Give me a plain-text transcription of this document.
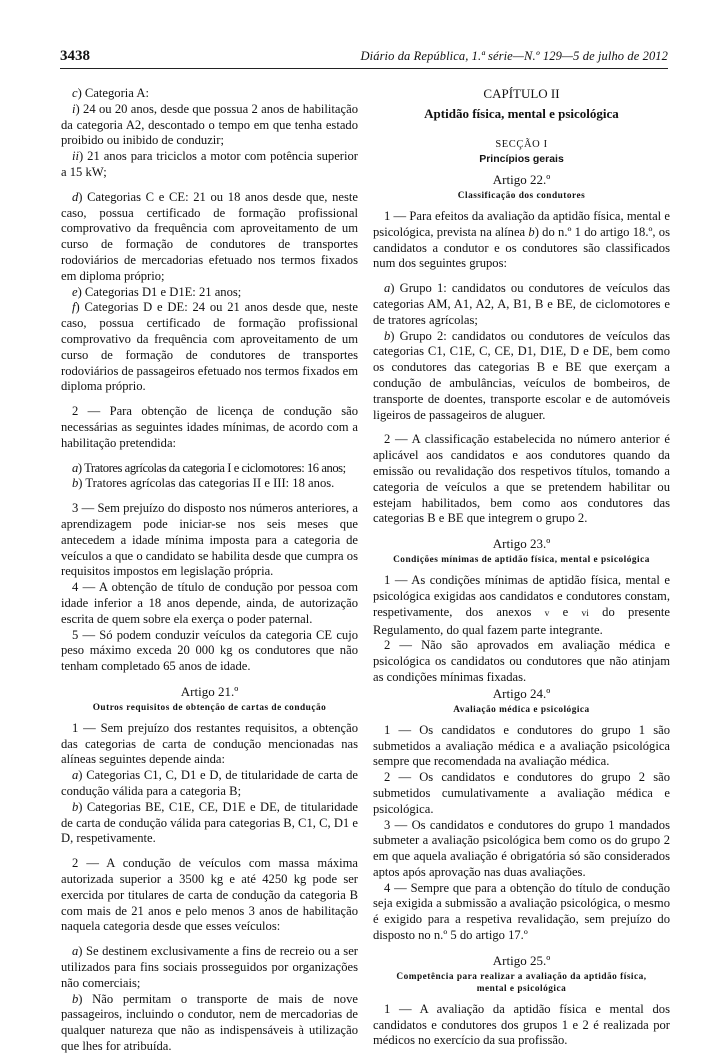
3438	Diário da República, 1.ª série—N.º 129—5 de julho de 2012

c) Categoria A:

i) 24 ou 20 anos, desde que possua 2 anos de habilitação da categoria A2, descontado o tempo em que tenha estado proibido ou inibido de conduzir;

ii) 21 anos para triciclos a motor com potência superior a 15 kW;

d) Categorias C e CE: 21 ou 18 anos desde que, neste caso, possua certificado de formação profissional comprovativo da frequência com aproveitamento de um curso de formação de condutores de transportes rodoviários de mercadorias efetuado nos termos fixados em diploma próprio;

e) Categorias D1 e D1E: 21 anos;

f) Categorias D e DE: 24 ou 21 anos desde que, neste caso, possua certificado de formação profissional comprovativo da frequência com aproveitamento de um curso de formação de condutores de transportes rodoviários de passageiros efetuado nos termos fixados em diploma próprio.

2 — Para obtenção de licença de condução são necessárias as seguintes idades mínimas, de acordo com a habilitação pretendida:

a) Tratores agrícolas da categoria I e ciclomotores: 16 anos;

b) Tratores agrícolas das categorias II e III: 18 anos.

3 — Sem prejuízo do disposto nos números anteriores, a aprendizagem pode iniciar-se nos seis meses que antecedem a idade mínima imposta para a categoria de veículos a que o candidato se habilita desde que cumpra os requisitos impostos em legislação própria.

4 — A obtenção de título de condução por pessoa com idade inferior a 18 anos depende, ainda, de autorização escrita de quem sobre ela exerça o poder paternal.

5 — Só podem conduzir veículos da categoria CE cujo peso máximo exceda 20 000 kg os condutores que não tenham completado 65 anos de idade.

Artigo 21.º
Outros requisitos de obtenção de cartas de condução

1 — Sem prejuízo dos restantes requisitos, a obtenção das categorias de carta de condução mencionadas nas alíneas seguintes depende ainda:

a) Categorias C1, C, D1 e D, de titularidade de carta de condução válida para a categoria B;

b) Categorias BE, C1E, CE, D1E e DE, de titularidade de carta de condução válida para categorias B, C1, C, D1 e D, respetivamente.

2 — A condução de veículos com massa máxima autorizada superior a 3500 kg e até 4250 kg pode ser exercida por titulares de carta de condução da categoria B com mais de 21 anos e pelo menos 3 anos de habilitação naquela categoria desde que esses veículos:

a) Se destinem exclusivamente a fins de recreio ou a ser utilizados para fins sociais prosseguidos por organizações não comerciais;

b) Não permitam o transporte de mais de nove passageiros, incluindo o condutor, nem de mercadorias de qualquer natureza que não as indispensáveis à utilização que lhes for atribuída.

CAPÍTULO II
Aptidão física, mental e psicológica
SECÇÃO I
Princípios gerais
Artigo 22.º
Classificação dos condutores

1 — Para efeitos da avaliação da aptidão física, mental e psicológica, prevista na alínea b) do n.º 1 do artigo 18.º, os candidatos a condutor e os condutores são classificados num dos seguintes grupos:

a) Grupo 1: candidatos ou condutores de veículos das categorias AM, A1, A2, A, B1, B e BE, de ciclomotores e de tratores agrícolas;

b) Grupo 2: candidatos ou condutores de veículos das categorias C1, C1E, C, CE, D1, D1E, D e DE, bem como os condutores das categorias B e BE que exerçam a condução de ambulâncias, veículos de bombeiros, de transporte de doentes, transporte escolar e de automóveis ligeiros de passageiros de aluguer.

2 — A classificação estabelecida no número anterior é aplicável aos candidatos e aos condutores quando da emissão ou revalidação dos respetivos títulos, tomando a categoria de veículos a que se pretendem habilitar ou estejam habilitados, bem como aos condutores das categorias B e BE que integrem o grupo 2.

Artigo 23.º
Condições mínimas de aptidão física, mental e psicológica

1 — As condições mínimas de aptidão física, mental e psicológica exigidas aos candidatos e condutores constam, respetivamente, dos anexos v e vi do presente Regulamento, do qual fazem parte integrante.

2 — Não são aprovados em avaliação médica e psicológica os candidatos ou condutores que não atinjam as condições mínimas fixadas.

Artigo 24.º
Avaliação médica e psicológica

1 — Os candidatos e condutores do grupo 1 são submetidos a avaliação médica e a avaliação psicológica sempre que recomendada na avaliação médica.

2 — Os candidatos e condutores do grupo 2 são submetidos cumulativamente a avaliação médica e psicológica.

3 — Os candidatos e condutores do grupo 1 mandados submeter a avaliação psicológica bem como os do grupo 2 em que aquela avaliação é obrigatória só são considerados aptos após aprovação nas duas avaliações.

4 — Sempre que para a obtenção do título de condução seja exigida a submissão a avaliação psicológica, o mesmo é exigido para a respetiva revalidação, sem prejuízo do disposto no n.º 5 do artigo 17.º

Artigo 25.º
Competência para realizar a avaliação da aptidão física, mental e psicológica

1 — A avaliação da aptidão física e mental dos candidatos e condutores dos grupos 1 e 2 é realizada por médicos no exercício da sua profissão.
